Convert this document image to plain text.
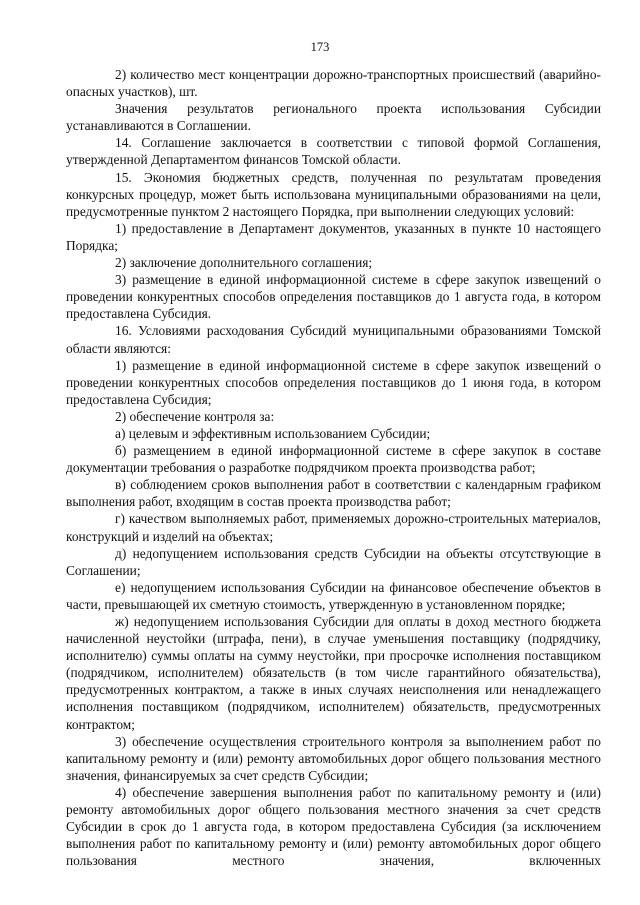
173

2) количество мест концентрации дорожно-транспортных происшествий (аварийно-опасных участков), шт.

Значения результатов регионального проекта использования Субсидии устанавливаются в Соглашении.

14. Соглашение заключается в соответствии с типовой формой Соглашения, утвержденной Департаментом финансов Томской области.

15. Экономия бюджетных средств, полученная по результатам проведения конкурсных процедур, может быть использована муниципальными образованиями на цели, предусмотренные пунктом 2 настоящего Порядка, при выполнении следующих условий:

1) предоставление в Департамент документов, указанных в пункте 10 настоящего Порядка;

2) заключение дополнительного соглашения;

3) размещение в единой информационной системе в сфере закупок извещений о проведении конкурентных способов определения поставщиков до 1 августа года, в котором предоставлена Субсидия.

16. Условиями расходования Субсидий муниципальными образованиями Томской области являются:

1) размещение в единой информационной системе в сфере закупок извещений о проведении конкурентных способов определения поставщиков до 1 июня года, в котором предоставлена Субсидия;

2) обеспечение контроля за:

а) целевым и эффективным использованием Субсидии;

б) размещением в единой информационной системе в сфере закупок в составе документации требования о разработке подрядчиком проекта производства работ;

в) соблюдением сроков выполнения работ в соответствии с календарным графиком выполнения работ, входящим в состав проекта производства работ;

г) качеством выполняемых работ, применяемых дорожно-строительных материалов, конструкций и изделий на объектах;

д) недопущением использования средств Субсидии на объекты отсутствующие в Соглашении;

е) недопущением использования Субсидии на финансовое обеспечение объектов в части, превышающей их сметную стоимость, утвержденную в установленном порядке;

ж) недопущением использования Субсидии для оплаты в доход местного бюджета начисленной неустойки (штрафа, пени), в случае уменьшения поставщику (подрядчику, исполнителю) суммы оплаты на сумму неустойки, при просрочке исполнения поставщиком (подрядчиком, исполнителем) обязательств (в том числе гарантийного обязательства), предусмотренных контрактом, а также в иных случаях неисполнения или ненадлежащего исполнения поставщиком (подрядчиком, исполнителем) обязательств, предусмотренных контрактом;

3) обеспечение осуществления строительного контроля за выполнением работ по капитальному ремонту и (или) ремонту автомобильных дорог общего пользования местного значения, финансируемых за счет средств Субсидии;

4) обеспечение завершения выполнения работ по капитальному ремонту и (или) ремонту автомобильных дорог общего пользования местного значения за счет средств Субсидии в срок до 1 августа года, в котором предоставлена Субсидия (за исключением выполнения работ по капитальному ремонту и (или) ремонту автомобильных дорог общего пользования местного значения, включенных
